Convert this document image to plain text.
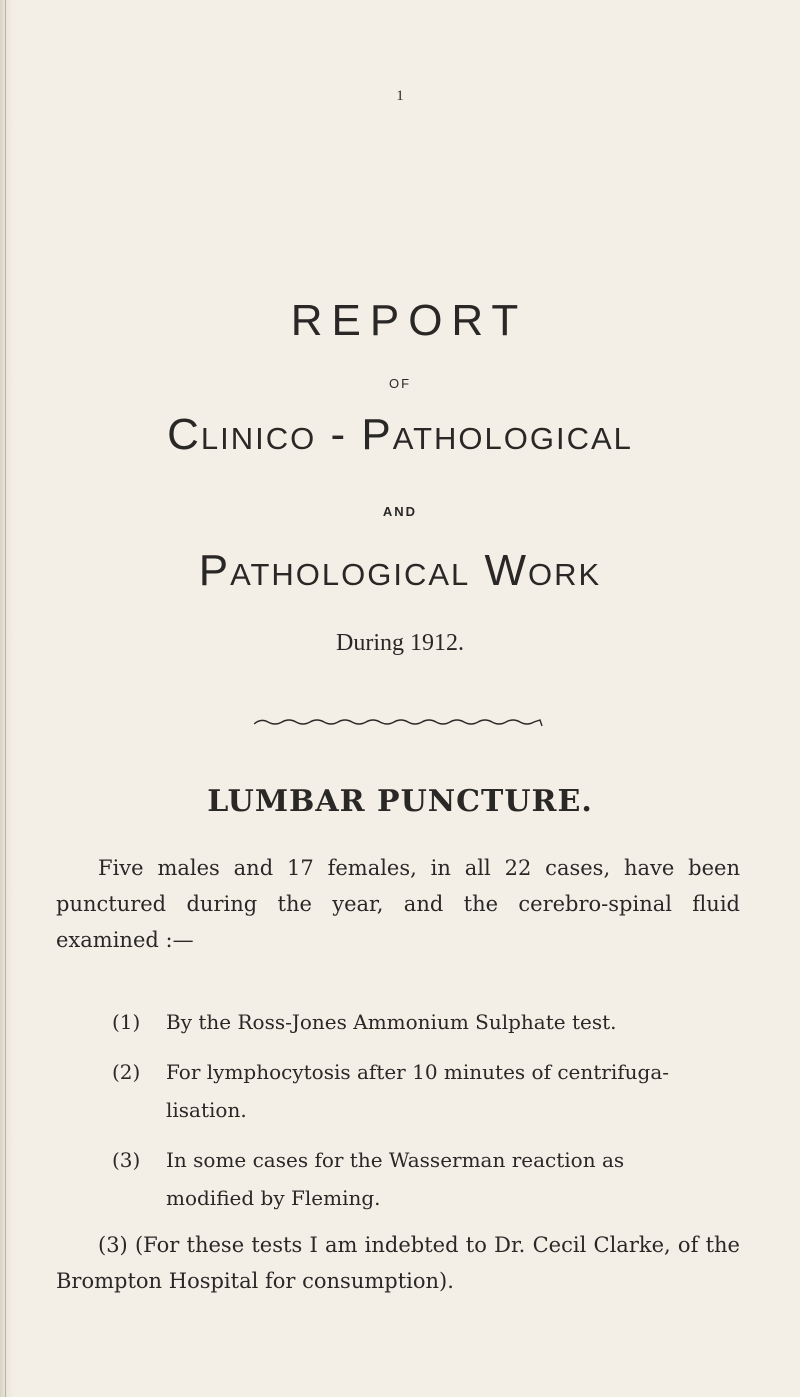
1
REPORT
OF
Clinico - Pathological
AND
Pathological Work
During 1912.
LUMBAR PUNCTURE.
Five males and 17 females, in all 22 cases, have been punctured during the year, and the cerebro-spinal fluid examined :—
(1) By the Ross-Jones Ammonium Sulphate test.
(2) For lymphocytosis after 10 minutes of centrifuga- lisation.
(3) In some cases for the Wasserman reaction as modified by Fleming.
(3) (For these tests I am indebted to Dr. Cecil Clarke, of the Brompton Hospital for consumption).
